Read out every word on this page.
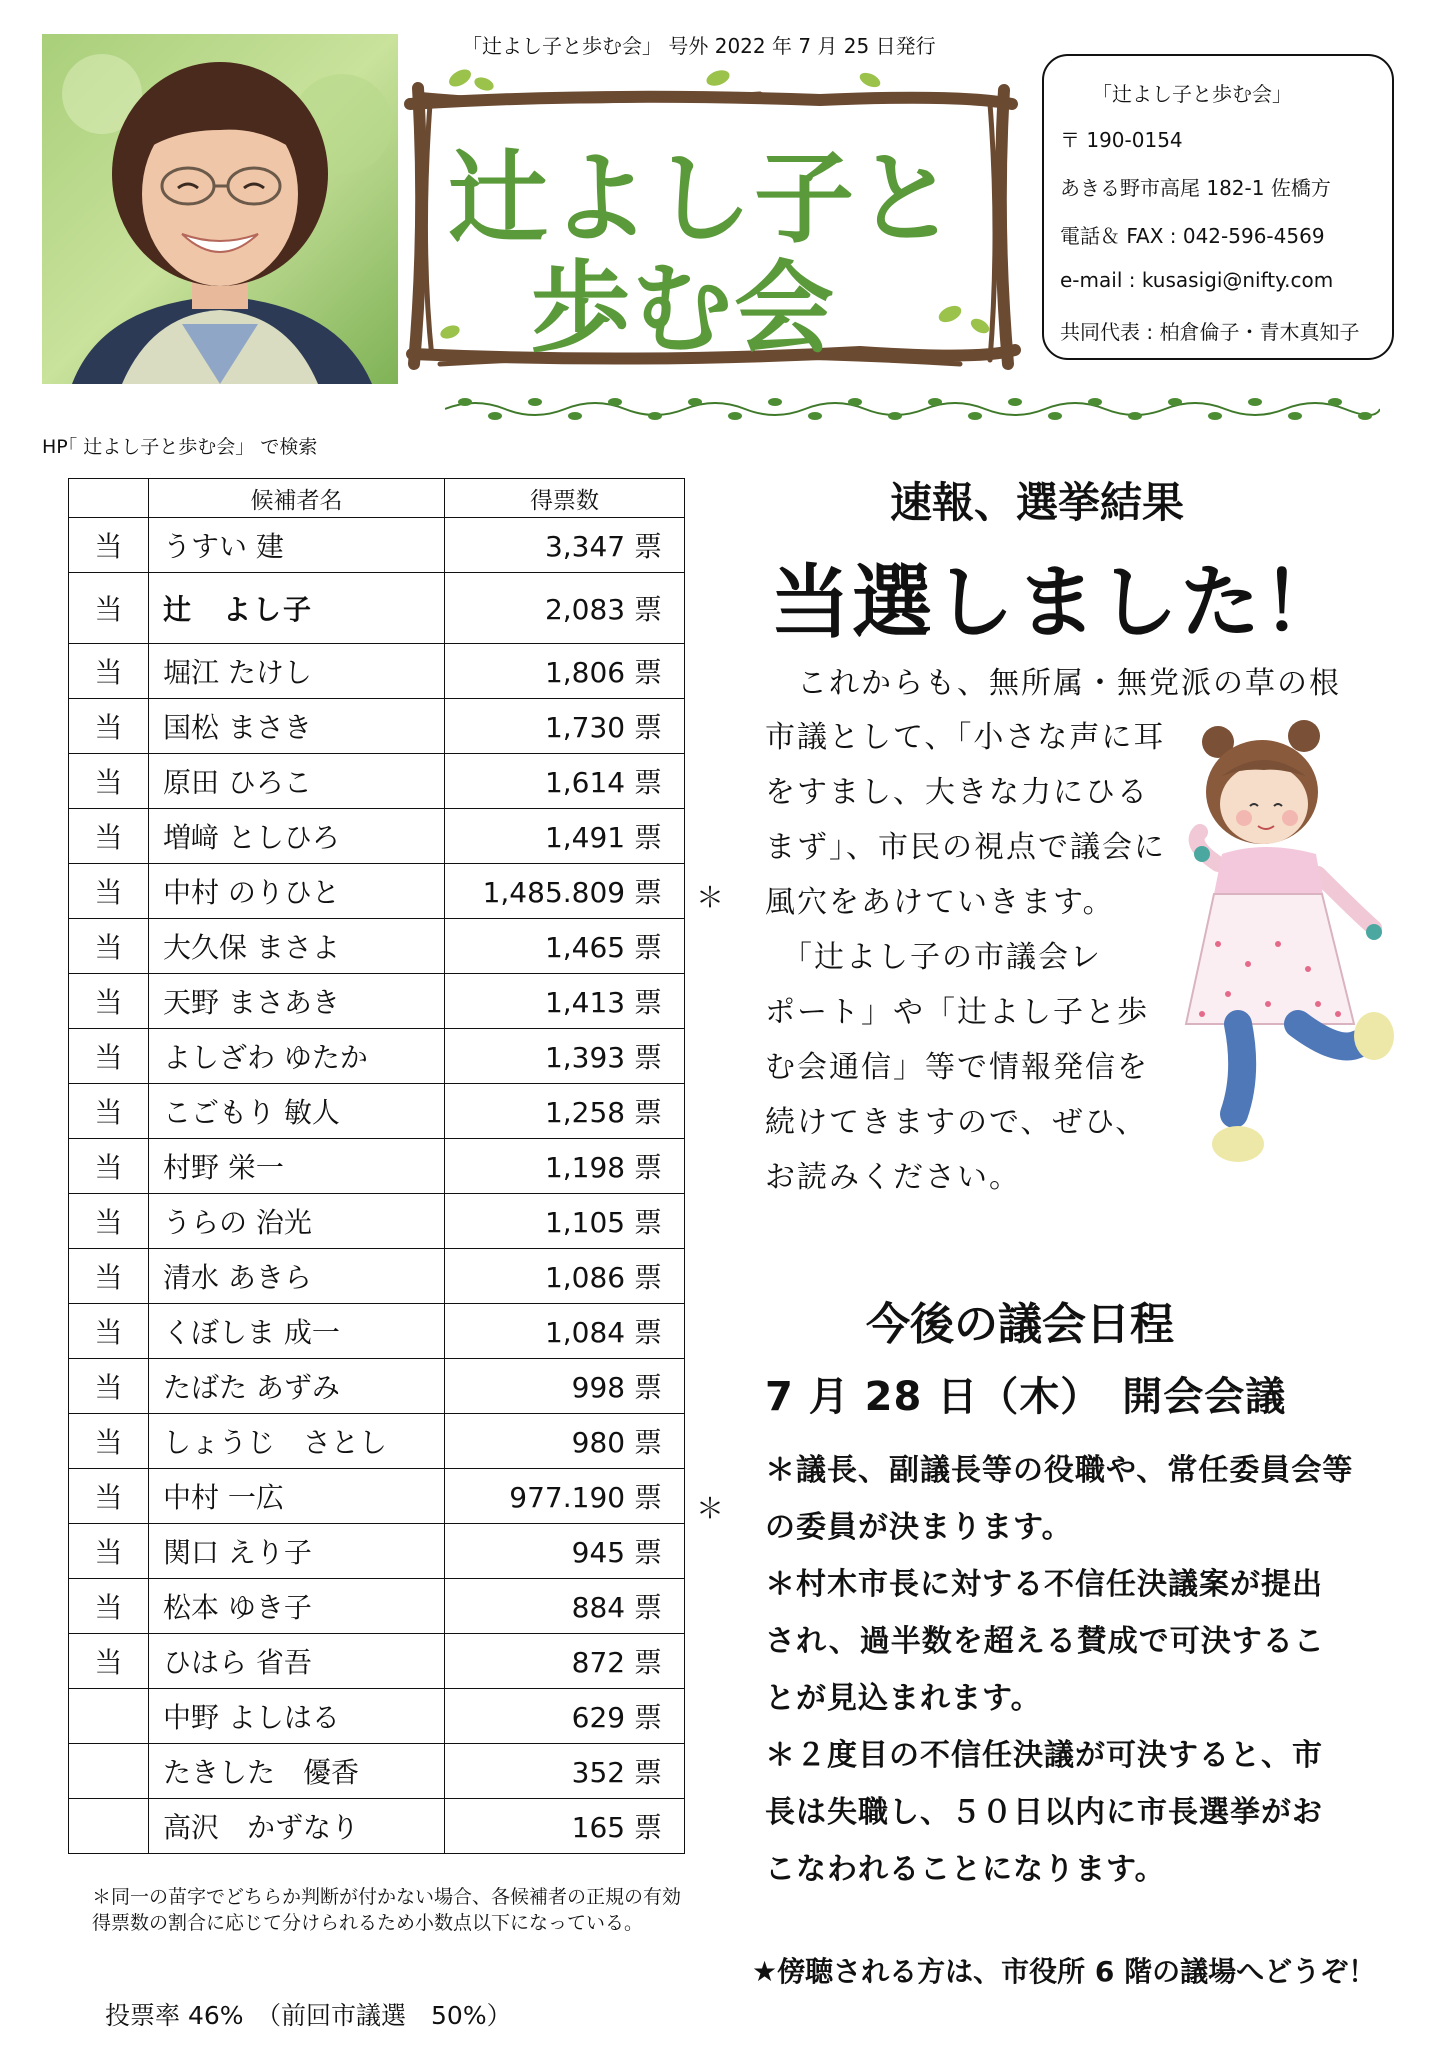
「辻よし子と歩む会」 号外 2022 年 7 月 25 日発行
辻よし子と
歩む会
「辻よし子と歩む会」
〒 190-0154
あきる野市高尾 182-1 佐橋方
電話＆ FAX : 042-596-4569
e-mail : kusasigi@nifty.com
共同代表 : 柏倉倫子・青木真知子
HP｢ 辻よし子と歩む会」 で検索
	候補者名	得票数
当	うすい 建	3,347 票
当	辻　よし子	2,083 票
当	堀江 たけし	1,806 票
当	国松 まさき	1,730 票
当	原田 ひろこ	1,614 票
当	増﨑 としひろ	1,491 票
当	中村 のりひと	1,485.809 票
当	大久保 まさよ	1,465 票
当	天野 まさあき	1,413 票
当	よしざわ ゆたか	1,393 票
当	こごもり 敏人	1,258 票
当	村野 栄一	1,198 票
当	うらの 治光	1,105 票
当	清水 あきら	1,086 票
当	くぼしま 成一	1,084 票
当	たばた あずみ	998 票
当	しょうじ　さとし	980 票
当	中村 一広	977.190 票
当	関口 えり子	945 票
当	松本 ゆき子	884 票
当	ひはら 省吾	872 票
	中野 よしはる	629 票
	たきした　優香	352 票
	高沢　かずなり	165 票
＊
＊
＊同一の苗字でどちらか判断が付かない場合、各候補者の正規の有効得票数の割合に応じて分けられるため小数点以下になっている。
投票率 46%　（前回市議選　50%）
速報、選挙結果
当選しました！
　これからも、無所属・無党派の草の根
市議として、「小さな声に耳
をすまし、大きな力にひる
まず」、市民の視点で議会に
風穴をあけていきます。
　「辻よし子の市議会レ
ポート」や「辻よし子と歩
む会通信」等で情報発信を
続けてきますので、ぜひ、
お読みください。
今後の議会日程
7 月 28 日（木）　開会会議
＊議長、副議長等の役職や、常任委員会等
の委員が決まります。
＊村木市長に対する不信任決議案が提出
され、過半数を超える賛成で可決するこ
とが見込まれます。
＊２度目の不信任決議が可決すると、市
長は失職し、５０日以内に市長選挙がお
こなわれることになります。
★傍聴される方は、市役所 6 階の議場へどうぞ！
